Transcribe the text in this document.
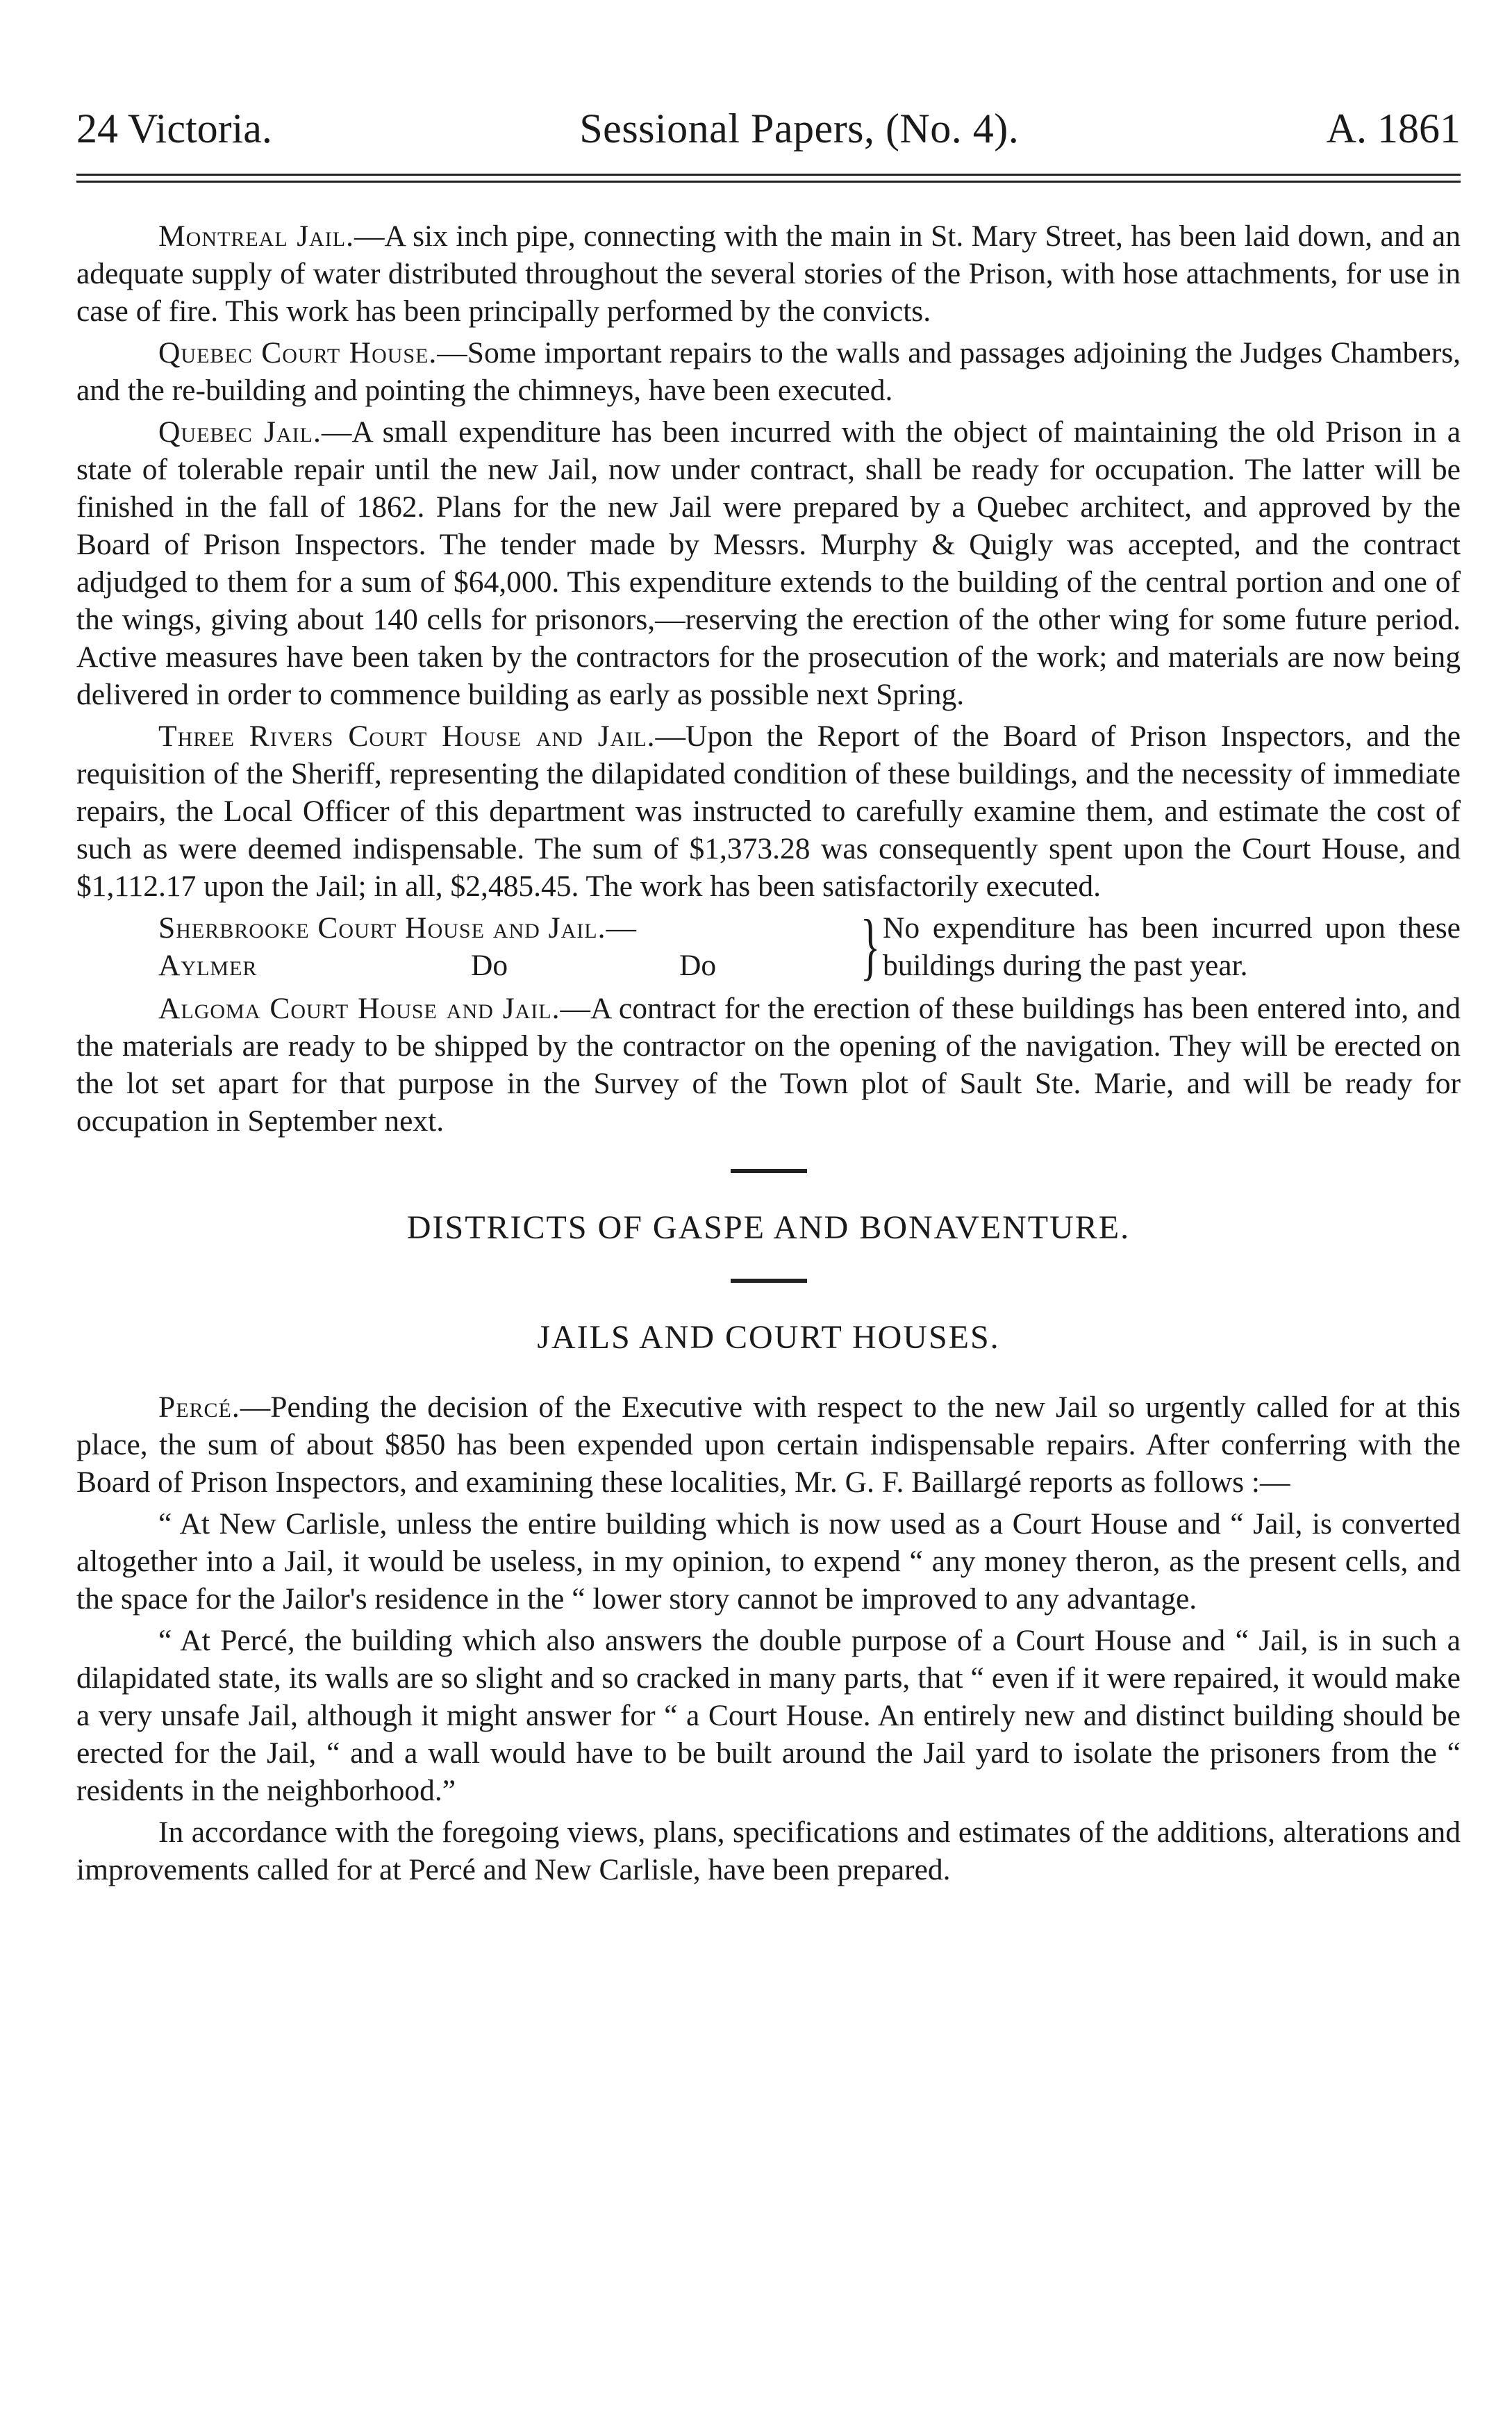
24 Victoria.	Sessional Papers, (No. 4).	A. 1861

Montreal Jail.—A six inch pipe, connecting with the main in St. Mary Street, has been laid down, and an adequate supply of water distributed throughout the several stories of the Prison, with hose attachments, for use in case of fire. This work has been principally performed by the convicts.

Quebec Court House.—Some important repairs to the walls and passages adjoining the Judges Chambers, and the re-building and pointing the chimneys, have been executed.

Quebec Jail.—A small expenditure has been incurred with the object of maintaining the old Prison in a state of tolerable repair until the new Jail, now under contract, shall be ready for occupation. The latter will be finished in the fall of 1862. Plans for the new Jail were prepared by a Quebec architect, and approved by the Board of Prison Inspectors. The tender made by Messrs. Murphy & Quigly was accepted, and the contract adjudged to them for a sum of $64,000. This expenditure extends to the building of the central portion and one of the wings, giving about 140 cells for prisonors,—reserving the erection of the other wing for some future period. Active measures have been taken by the contractors for the prosecution of the work; and materials are now being delivered in order to commence building as early as possible next Spring.

Three Rivers Court House and Jail.—Upon the Report of the Board of Prison Inspectors, and the requisition of the Sheriff, representing the dilapidated condition of these buildings, and the necessity of immediate repairs, the Local Officer of this department was instructed to carefully examine them, and estimate the cost of such as were deemed indispensable. The sum of $1,373.28 was consequently spent upon the Court House, and $1,112.17 upon the Jail; in all, $2,485.45. The work has been satisfactorily executed.

Sherbrooke Court House and Jail.—
Aylmer	Do	Do } No expenditure has been incurred upon these buildings during the past year.

Algoma Court House and Jail.—A contract for the erection of these buildings has been entered into, and the materials are ready to be shipped by the contractor on the opening of the navigation. They will be erected on the lot set apart for that purpose in the Survey of the Town plot of Sault Ste. Marie, and will be ready for occupation in September next.

DISTRICTS OF GASPE AND BONAVENTURE.
JAILS AND COURT HOUSES.

Percé.—Pending the decision of the Executive with respect to the new Jail so urgently called for at this place, the sum of about $850 has been expended upon certain indispensable repairs. After conferring with the Board of Prison Inspectors, and examining these localities, Mr. G. F. Baillargé reports as follows :—

“ At New Carlisle, unless the entire building which is now used as a Court House and “ Jail, is converted altogether into a Jail, it would be useless, in my opinion, to expend “ any money theron, as the present cells, and the space for the Jailor's residence in the “ lower story cannot be improved to any advantage.

“ At Percé, the building which also answers the double purpose of a Court House and “ Jail, is in such a dilapidated state, its walls are so slight and so cracked in many parts, that “ even if it were repaired, it would make a very unsafe Jail, although it might answer for “ a Court House. An entirely new and distinct building should be erected for the Jail, “ and a wall would have to be built around the Jail yard to isolate the prisoners from the “ residents in the neighborhood.”

In accordance with the foregoing views, plans, specifications and estimates of the additions, alterations and improvements called for at Percé and New Carlisle, have been prepared.
